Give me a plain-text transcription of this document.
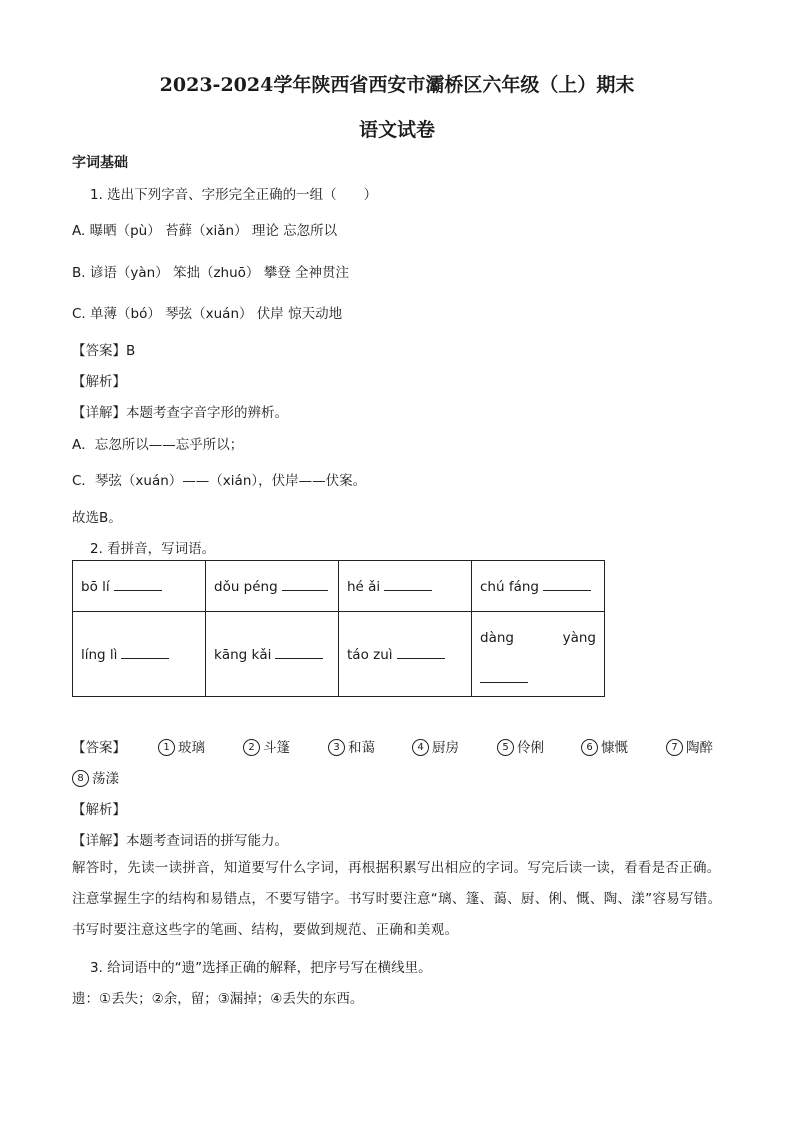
2023-2024学年陕西省西安市灞桥区六年级（上）期末
语文试卷
字词基础
1. 选出下列字音、字形完全正确的一组（　　）
A. 曝晒（pù） 苔藓（xiǎn） 理论 忘忽所以
B. 谚语（yàn） 笨拙（zhuō） 攀登 全神贯注
C. 单薄（bó） 琴弦（xuán） 伏岸 惊天动地
【答案】B
【解析】
【详解】本题考查字音字形的辨析。
A．忘忽所以——忘乎所以；
C．琴弦（xuán）——（xián），伏岸——伏案。
故选B。
2. 看拼音，写词语。
bō lí	dǒu péng	hé ǎi	chú fáng
líng lì	kāng kǎi	táo zuì	dàng yàng
【答案】	1 玻璃	2 斗篷	3 和蔼	4 厨房	5 伶俐	6 慷慨	7 陶醉
8 荡漾
【解析】
【详解】本题考查词语的拼写能力。
解答时，先读一读拼音，知道要写什么字词，再根据积累写出相应的字词。写完后读一读，看看是否正确。注意掌握生字的结构和易错点，不要写错字。书写时要注意“璃、篷、蔼、厨、俐、慨、陶、漾”容易写错。书写时要注意这些字的笔画、结构，要做到规范、正确和美观。
3. 给词语中的“遗”选择正确的解释，把序号写在横线里。
遗：①丢失；②余，留；③漏掉；④丢失的东西。
